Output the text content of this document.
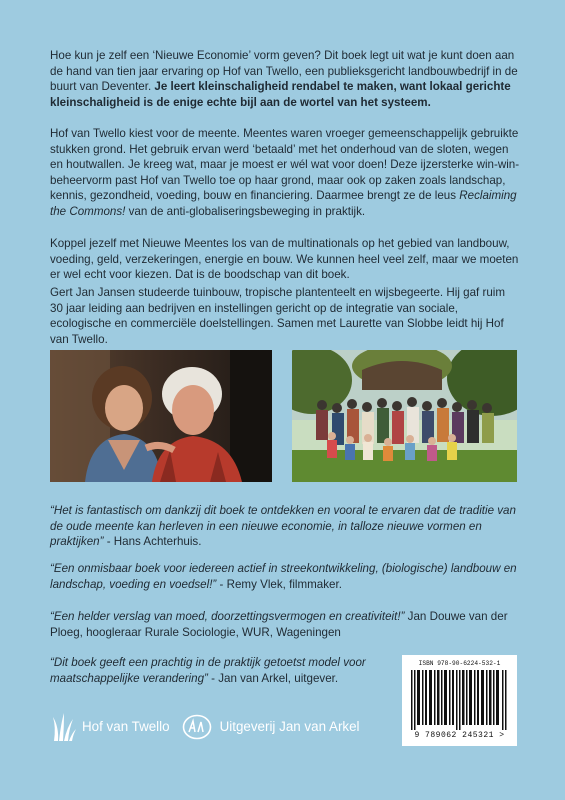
Hoe kun je zelf een ‘Nieuwe Economie’ vorm geven? Dit boek legt uit wat je kunt doen aan de hand van tien jaar ervaring op Hof van Twello, een publieksgericht landbouwbedrijf in de buurt van Deventer. Je leert kleinschaligheid rendabel te maken, want lokaal gerichte kleinschaligheid is de enige echte bijl aan de wortel van het systeem.

Hof van Twello kiest voor de meente. Meentes waren vroeger gemeenschappelijk gebruikte stukken grond. Het gebruik ervan werd ‘betaald’ met het onderhoud van de sloten, wegen en houtwallen. Je kreeg wat, maar je moest er wél wat voor doen! Deze ijzersterke win-win-beheervorm past Hof van Twello toe op haar grond, maar ook op zaken zoals landschap, kennis, gezondheid, voeding, bouw en financiering. Daarmee brengt ze de leus Reclaiming the Commons! van de anti-globaliseringsbeweging in praktijk.

Koppel jezelf met Nieuwe Meentes los van de multinationals op het gebied van landbouw, voeding, geld, verzekeringen, energie en bouw. We kunnen heel veel zelf, maar we moeten er wel echt voor kiezen. Dat is de boodschap van dit boek.

Gert Jan Jansen studeerde tuinbouw, tropische plantenteelt en wijsbegeerte. Hij gaf ruim 30 jaar leiding aan bedrijven en instellingen gericht op de integratie van sociale, ecologische en commerciële doelstellingen. Samen met Laurette van Slobbe leidt hij Hof van Twello.

“Het is fantastisch om dankzij dit boek te ontdekken en vooral te ervaren dat de traditie van de oude meente kan herleven in een nieuwe economie, in talloze nieuwe vormen en praktijken” - Hans Achterhuis.

“Een onmisbaar boek voor iedereen actief in streekontwikkeling, (biologische) landbouw en landschap, voeding en voedsel!” - Remy Vlek, filmmaker.

“Een helder verslag van moed, doorzettingsvermogen en creativiteit!” Jan Douwe van der Ploeg, hoogleraar Rurale Sociologie, WUR, Wageningen

“Dit boek geeft een prachtig in de praktijk getoetst model voor maatschappelijke verandering” - Jan van Arkel, uitgever.

ISBN 978-90-6224-532-1
9 789062 245321 >
Hof van Twello	Uitgeverij Jan van Arkel
